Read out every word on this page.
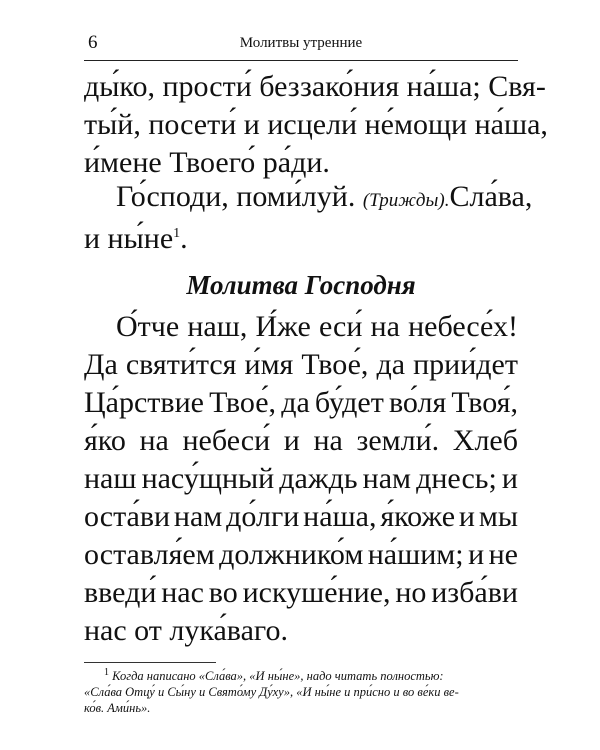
6	Молитвы утренние
ды́ко, прости́ беззако́ния на́ша; Свя-
ты́й, посети́ и исцели́ не́мощи на́ша,
и́мене Твоего́ ра́ди.
Го́споди, поми́луй. (Трижды).Сла́ва,
и $ны́не^1$.
Молитва Господня
О́тче наш, И́же еси́ на небесе́х!
Да святи́тся и́мя Твое́, да прии́дет
Ца́рствие Твое́, да бу́дет во́ля Твоя́,
я́ко на небеси́ и на земли́. Хлеб
наш насу́щный даждь нам днесь; и
оста́ви нам до́лги на́ша, я́коже и мы
оставля́ем должнико́м на́шим; и не
введи́ нас во искуше́ние, но изба́ви
нас от лука́ваго.
$^1$ Когда написано «Сла́ва», «И ны́не», надо читать полностью:
«Сла́ва Отцу́ и Сы́ну и Свято́му Ду́ху», «И ны́не и при́сно и во ве́ки ве-
ко́в. Ами́нь».
